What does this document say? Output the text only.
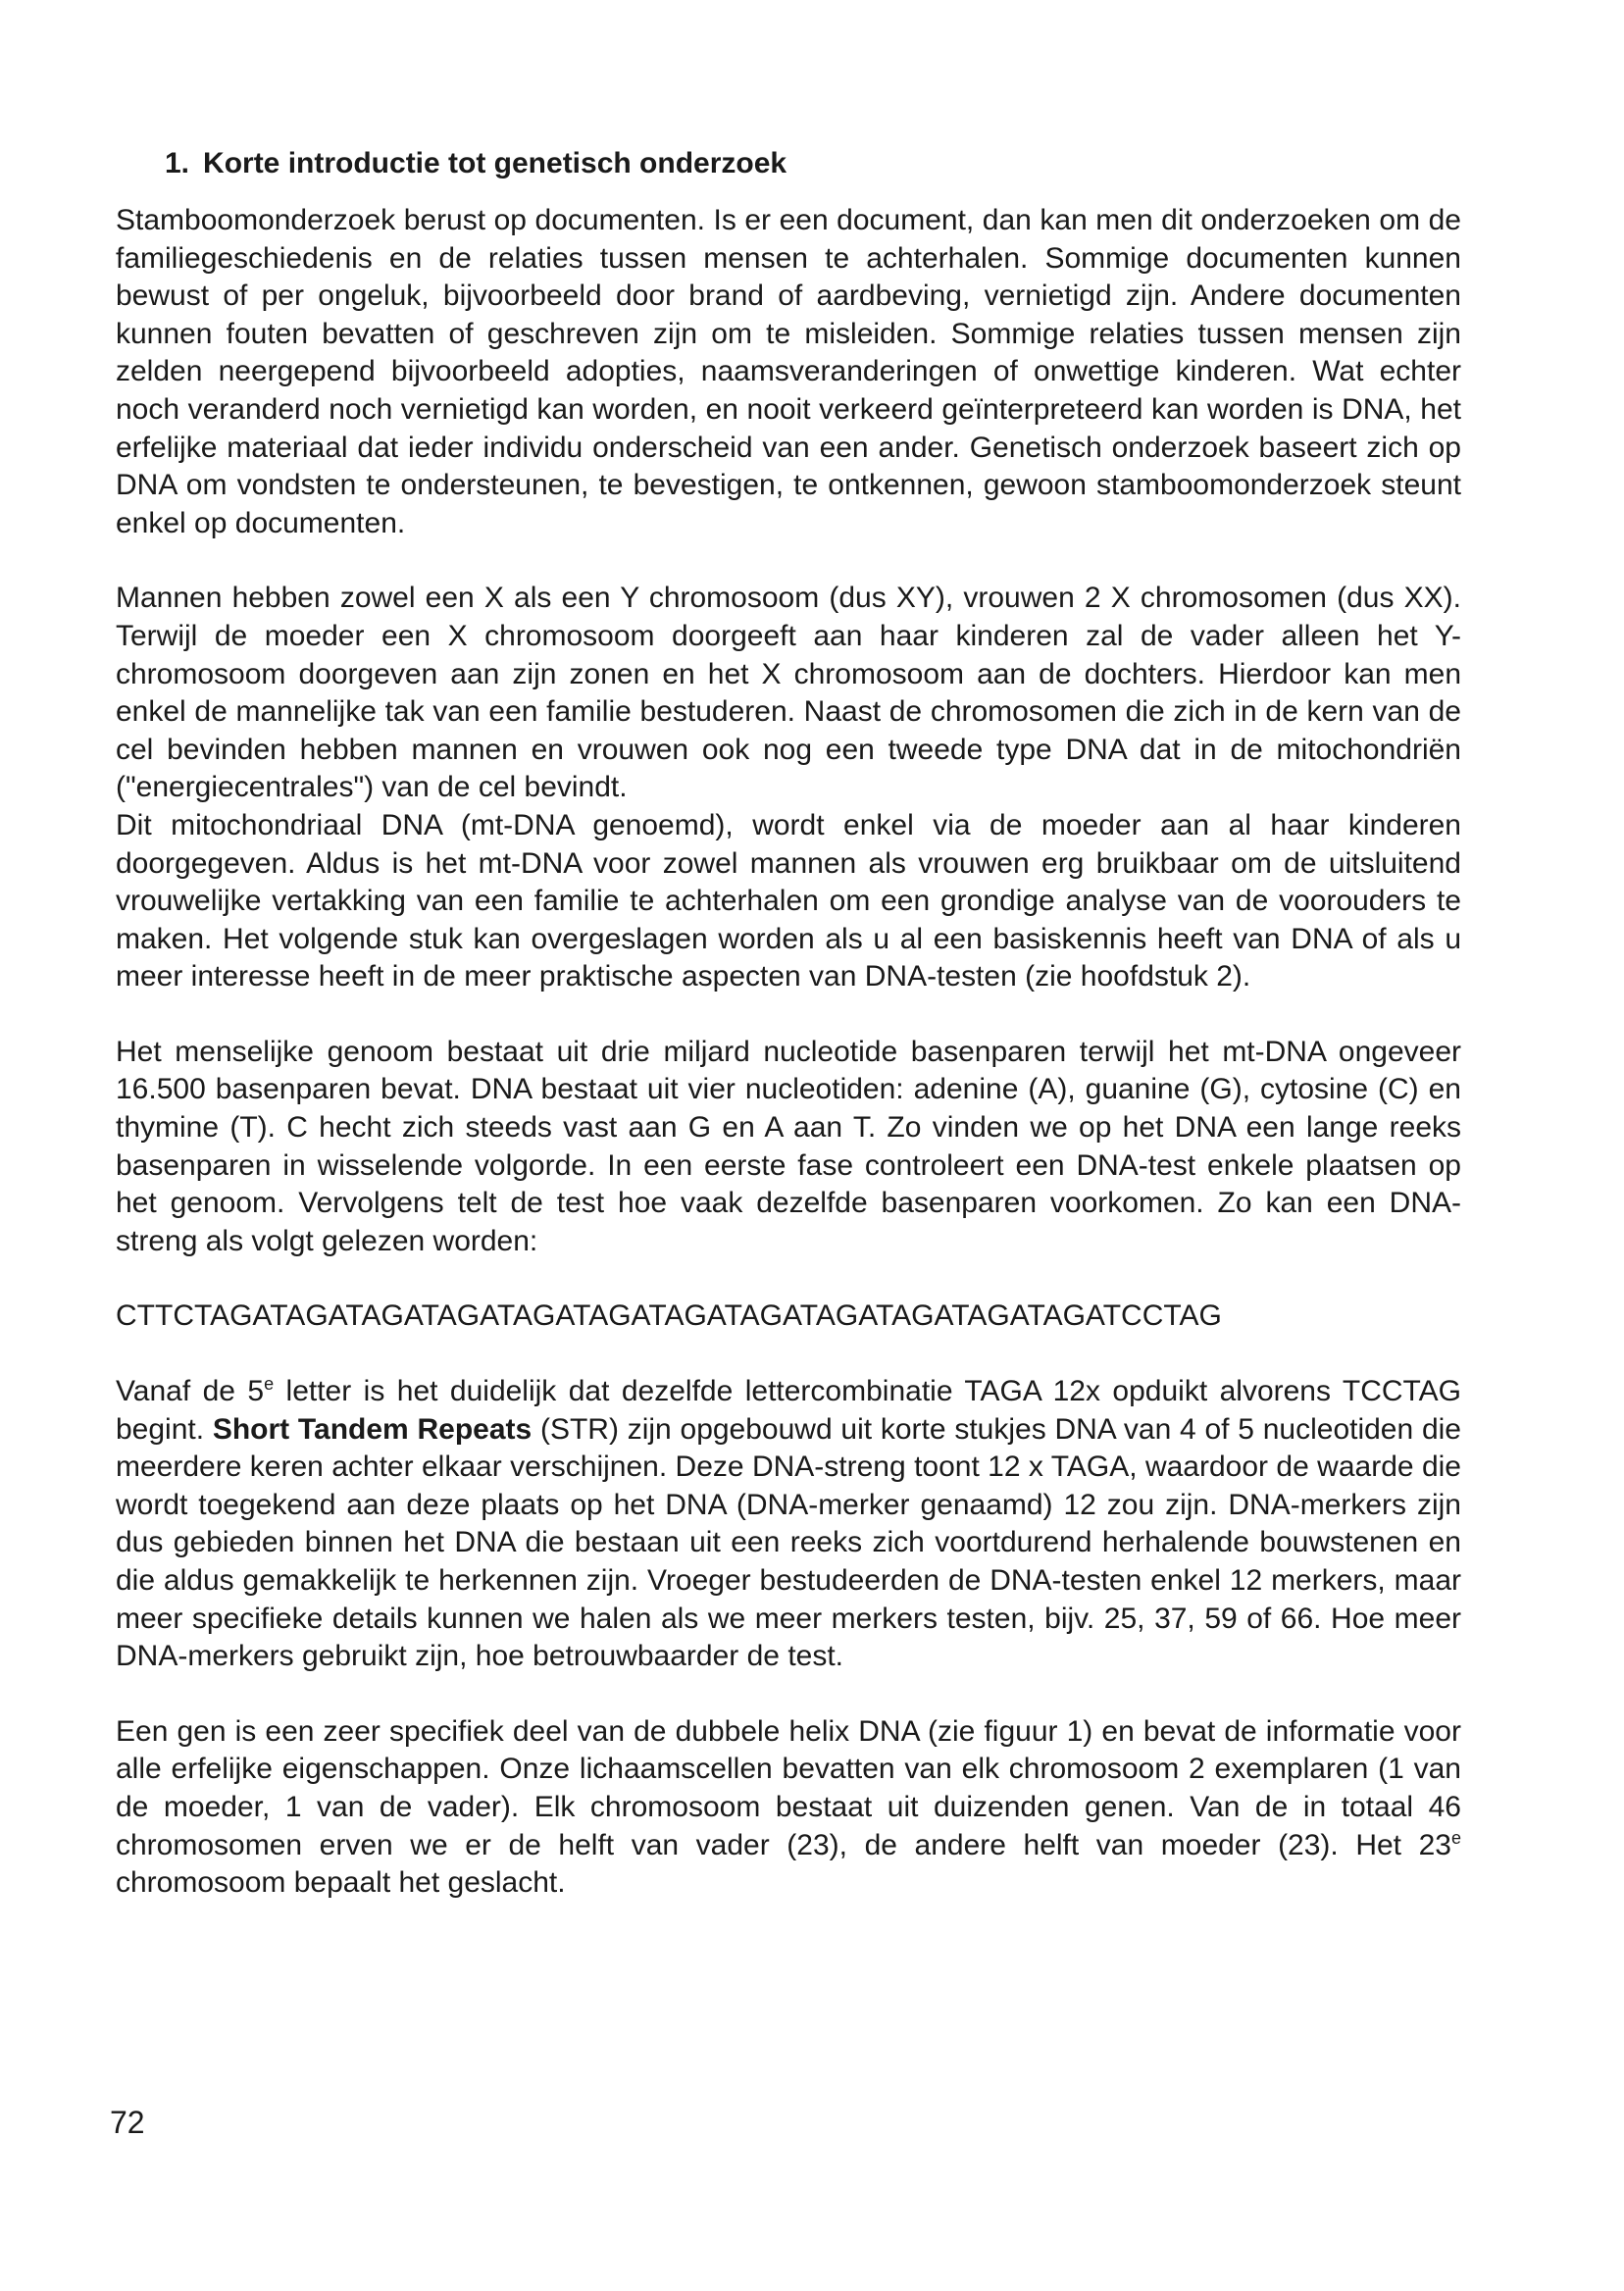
1. Korte introductie tot genetisch onderzoek

Stamboomonderzoek berust op documenten. Is er een document, dan kan men dit onderzoeken om de familiegeschiedenis en de relaties tussen mensen te achterhalen. Sommige documenten kunnen bewust of per ongeluk, bijvoorbeeld door brand of aardbeving, vernietigd zijn. Andere documenten kunnen fouten bevatten of geschreven zijn om te misleiden. Sommige relaties tussen mensen zijn zelden neergepend bijvoorbeeld adopties, naamsveranderingen of onwettige kinderen. Wat echter noch veranderd noch vernietigd kan worden, en nooit verkeerd geïnterpreteerd kan worden is DNA, het erfelijke materiaal dat ieder individu onderscheid van een ander. Genetisch onderzoek baseert zich op DNA om vondsten te ondersteunen, te bevestigen, te ontkennen, gewoon stamboomonderzoek steunt enkel op documenten.

Mannen hebben zowel een X als een Y chromosoom (dus XY), vrouwen 2 X chromosomen (dus XX). Terwijl de moeder een X chromosoom doorgeeft aan haar kinderen zal de vader alleen het Y-chromosoom doorgeven aan zijn zonen en het X chromosoom aan de dochters. Hierdoor kan men enkel de mannelijke tak van een familie bestuderen. Naast de chromosomen die zich in de kern van de cel bevinden hebben mannen en vrouwen ook nog een tweede type DNA dat in de mitochondriën ("energiecentrales") van de cel bevindt.

Dit mitochondriaal DNA (mt-DNA genoemd), wordt enkel via de moeder aan al haar kinderen doorgegeven. Aldus is het mt-DNA voor zowel mannen als vrouwen erg bruikbaar om de uitsluitend vrouwelijke vertakking van een familie te achterhalen om een grondige analyse van de voorouders te maken. Het volgende stuk kan overgeslagen worden als u al een basiskennis heeft van DNA of als u meer interesse heeft in de meer praktische aspecten van DNA-testen (zie hoofdstuk 2).

Het menselijke genoom bestaat uit drie miljard nucleotide basenparen terwijl het mt-DNA ongeveer 16.500 basenparen bevat. DNA bestaat uit vier nucleotiden: adenine (A), guanine (G), cytosine (C) en thymine (T). C hecht zich steeds vast aan G en A aan T. Zo vinden we op het DNA een lange reeks basenparen in wisselende volgorde. In een eerste fase controleert een DNA-test enkele plaatsen op het genoom. Vervolgens telt de test hoe vaak dezelfde basenparen voorkomen. Zo kan een DNA-streng als volgt gelezen worden:

CTTCTAGATAGATAGATAGATAGATAGATAGATAGATAGATAGATAGATAGATCCTAG

Vanaf de 5e letter is het duidelijk dat dezelfde lettercombinatie TAGA 12x opduikt alvorens TCCTAG begint. Short Tandem Repeats (STR) zijn opgebouwd uit korte stukjes DNA van 4 of 5 nucleotiden die meerdere keren achter elkaar verschijnen. Deze DNA-streng toont 12 x TAGA, waardoor de waarde die wordt toegekend aan deze plaats op het DNA (DNA-merker genaamd) 12 zou zijn. DNA-merkers zijn dus gebieden binnen het DNA die bestaan uit een reeks zich voortdurend herhalende bouwstenen en die aldus gemakkelijk te herkennen zijn. Vroeger bestudeerden de DNA-testen enkel 12 merkers, maar meer specifieke details kunnen we halen als we meer merkers testen, bijv. 25, 37, 59 of 66. Hoe meer DNA-merkers gebruikt zijn, hoe betrouwbaarder de test.

Een gen is een zeer specifiek deel van de dubbele helix DNA (zie figuur 1) en bevat de informatie voor alle erfelijke eigenschappen. Onze lichaamscellen bevatten van elk chromosoom 2 exemplaren (1 van de moeder, 1 van de vader). Elk chromosoom bestaat uit duizenden genen. Van de in totaal 46 chromosomen erven we er de helft van vader (23), de andere helft van moeder (23). Het 23e chromosoom bepaalt het geslacht.

72
